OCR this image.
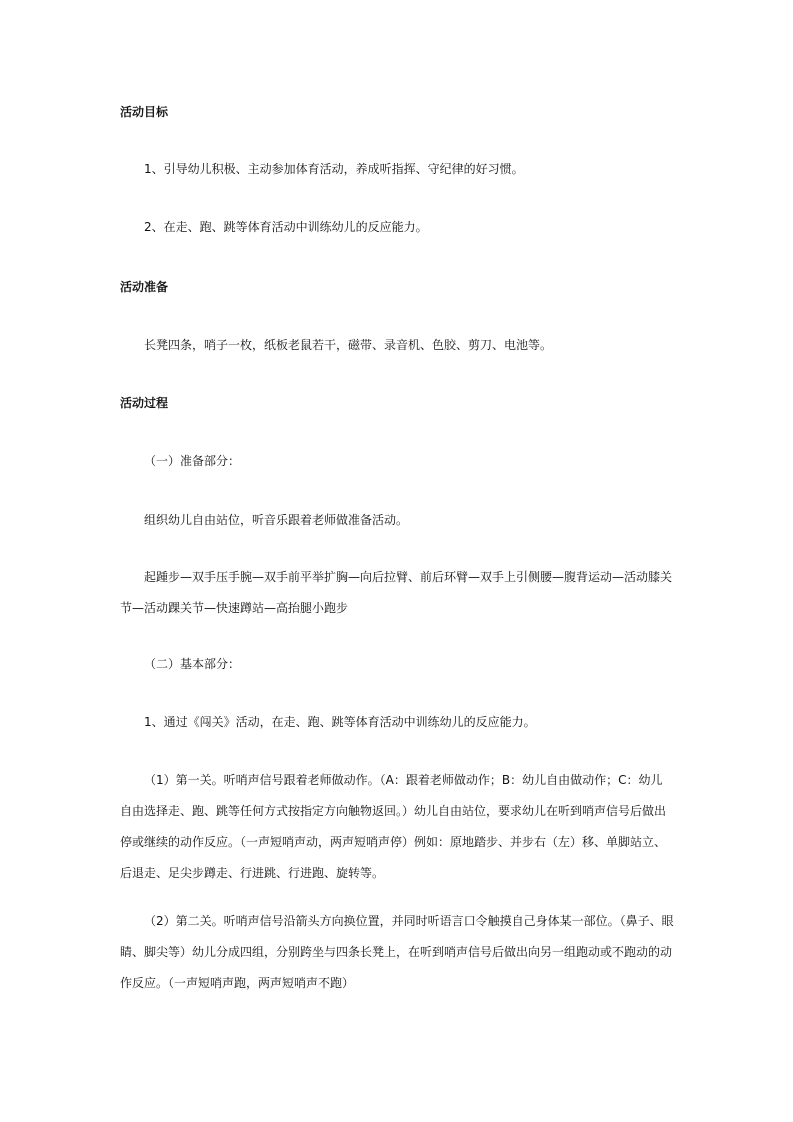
活动目标
1、引导幼儿积极、主动参加体育活动，养成听指挥、守纪律的好习惯。
2、在走、跑、跳等体育活动中训练幼儿的反应能力。
活动准备
长凳四条，哨子一枚，纸板老鼠若干，磁带、录音机、色胶、剪刀、电池等。
活动过程
（一）准备部分：
组织幼儿自由站位，听音乐跟着老师做准备活动。
起踵步—双手压手腕—双手前平举扩胸—向后拉臂、前后环臂—双手上引侧腰—腹背运动—活动膝关节—活动踝关节—快速蹲站—高抬腿小跑步
（二）基本部分：
1、通过《闯关》活动，在走、跑、跳等体育活动中训练幼儿的反应能力。
（1）第一关。听哨声信号跟着老师做动作。（A：跟着老师做动作；B：幼儿自由做动作；C：幼儿自由选择走、跑、跳等任何方式按指定方向触物返回。）幼儿自由站位，要求幼儿在听到哨声信号后做出停或继续的动作反应。（一声短哨声动，两声短哨声停）例如：原地踏步、并步右（左）移、单脚站立、后退走、足尖步蹲走、行进跳、行进跑、旋转等。
（2）第二关。听哨声信号沿箭头方向换位置，并同时听语言口令触摸自己身体某一部位。（鼻子、眼睛、脚尖等）幼儿分成四组，分别跨坐与四条长凳上，在听到哨声信号后做出向另一组跑动或不跑动的动作反应。（一声短哨声跑，两声短哨声不跑）
